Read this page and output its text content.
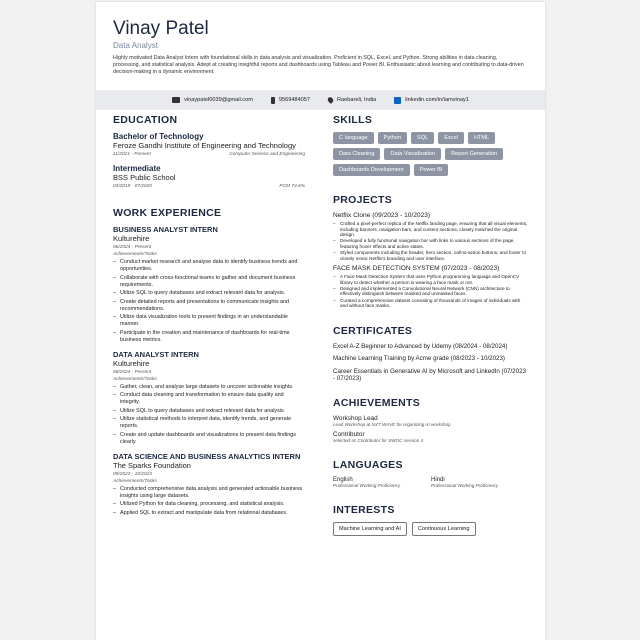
Vinay Patel
Data Analyst
Highly motivated Data Analyst Intern with foundational skills in data analysis and visualization. Proficient in SQL, Excel, and Python. Strong abilities in data cleaning, processing, and statistical analysis. Adept at creating insightful reports and dashboards using Tableau and Power BI. Enthusiastic about learning and contributing to data-driven decision-making in a dynamic environment.
vinaypatel0039@gmail.com	9569484057	Raebareli, India	linkedin.com/in/iamvinay1
EDUCATION
Bachelor of Technology
Feroze Gandhi Institute of Engineering and Technology
11/2021 - Present	Computer Science and Engineering
Intermediate
BSS Public School
03/2019 - 07/2020	PCM 74.6%
WORK EXPERIENCE
BUSINESS ANALYST INTERN
Kulturehire
06/2024 - Present
Achievements/Tasks
– Conduct market research and analyse data to identify business trends and opportunities.
– Collaborate with cross-functional teams to gather and document business requirements.
– Utilize SQL to query databases and extract relevant data for analysis.
– Create detailed reports and presentations to communicate insights and recommendations.
– Utilize data visualization tools to present findings in an understandable manner.
– Participate in the creation and maintenance of dashboards for real-time business metrics.
DATA ANALYST INTERN
Kulturehire
06/2024 - Present
Achievements/Tasks
– Gather, clean, and analyse large datasets to uncover actionable insights.
– Conduct data cleaning and transformation to ensure data quality and integrity.
– Utilize SQL to query databases and extract relevant data for analysis.
– Utilize statistical methods to interpret data, identify trends, and generate reports.
– Create and update dashboards and visualizations to present data findings clearly.
DATA SCIENCE AND BUSINESS ANALYTICS INTERN
The Sparks Foundation
09/2023 - 10/2023
Achievements/Tasks
– Conducted comprehensive data analysis and generated actionable business insights using large datasets.
– Utilized Python for data cleaning, processing, and statistical analysis.
– Applied SQL to extract and manipulate data from relational databases.
SKILLS
C language	Python	SQL	Excel	HTML
Data Cleaning	Data Visualization	Report Generation
Dashboards Development	Power BI
PROJECTS
Netflix Clone (09/2023 - 10/2023)
– Crafted a pixel-perfect replica of the Netflix landing page, ensuring that all visual elements, including banners, navigation bars, and content sections, closely matched the original design.
– Developed a fully functional navigation bar with links to various sections of the page, featuring hover effects and active states.
– Styled components including the header, hero section, call-to-action buttons, and footer to closely mimic Netflix's branding and user interface.
FACE MASK DETECTION SYSTEM (07/2023 - 08/2023)
– A Face Mask Detection System that uses Python programming language and OpenCV library to detect whether a person is wearing a face mask or not.
– Designed and implemented a Convolutional Neural Network (CNN) architecture to effectively distinguish between masked and unmasked faces.
– Curated a comprehensive dataset consisting of thousands of images of individuals with and without face masks.
CERTIFICATES
Excel A-Z Beginner to Advanced by Udemy (08/2024 - 08/2024)
Machine Learning Training by Acme grade (08/2023 - 10/2023)
Career Essentials in Generative AI by Microsoft and LinkedIn (07/2023 - 07/2023)
ACHIEVEMENTS
Workshop Lead
Lead Workshop at NXT WAVE for organizing AI workshop
Contributor
selected as Contributor for SWOC session 4
LANGUAGES
English
Professional Working Proficiency
Hindi
Professional Working Proficiency
INTERESTS
Machine Learning and AI	Continuous Learning
